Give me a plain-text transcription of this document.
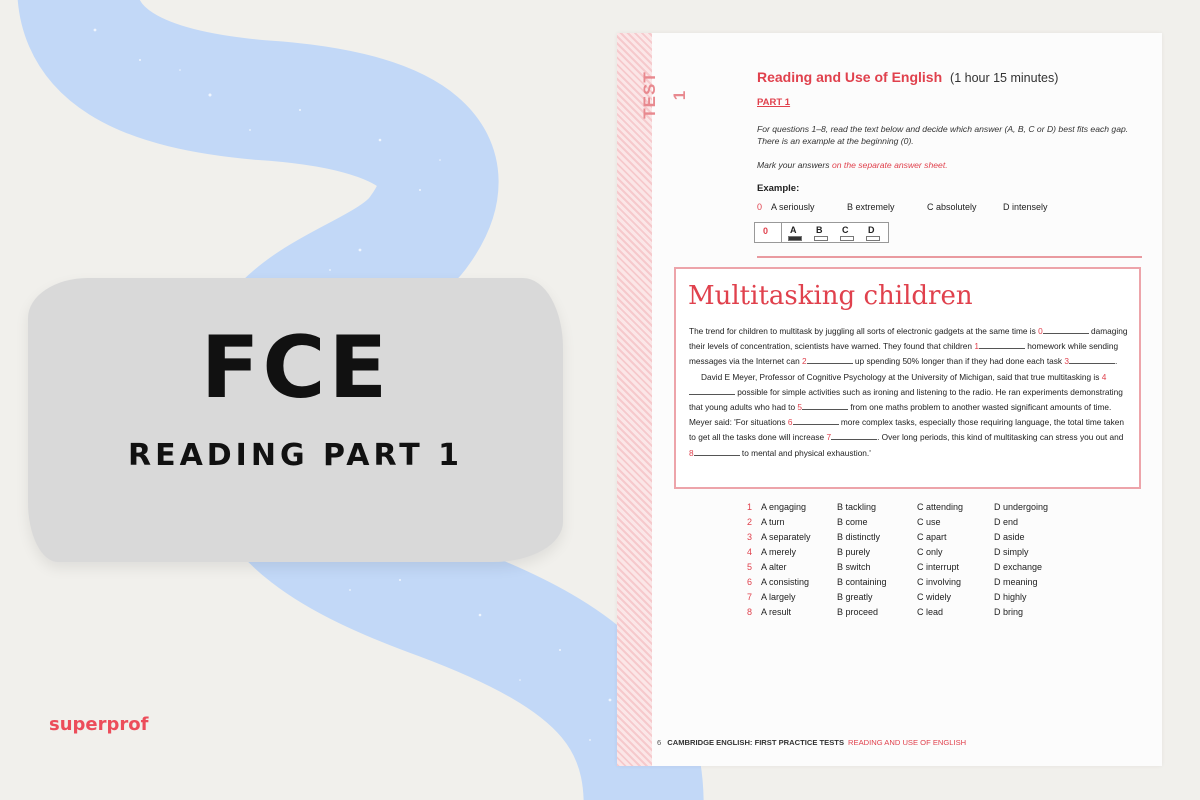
FCE
READING PART 1
superprof
TEST 1
Reading and Use of English (1 hour 15 minutes)
PART 1
For questions 1–8, read the text below and decide which answer (A, B, C or D) best fits each gap. There is an example at the beginning (0).
Mark your answers on the separate answer sheet.
Example:
0 A seriously	B extremely	C absolutely	D intensely
0 A B C D
Multitasking children
The trend for children to multitask by juggling all sorts of electronic gadgets at the same time is 0	damaging their levels of concentration, scientists have warned. They found that children 1	homework while sending messages via the Internet can 2	up spending 50% longer than if they had done each task 3	.
David E Meyer, Professor of Cognitive Psychology at the University of Michigan, said that true multitasking is 4 possible for simple activities such as ironing and listening to the radio. He ran experiments demonstrating that young adults who had to 5	from one maths problem to another wasted significant amounts of time. Meyer said: 'For situations 6	more complex tasks, especially those requiring language, the total time taken to get all the tasks done will increase 7	. Over long periods, this kind of multitasking can stress you out and 8	to mental and physical exhaustion.'
1 A engaging	B tackling	C attending	D undergoing
2 A turn	B come	C use	D end
3 A separately	B distinctly	C apart	D aside
4 A merely	B purely	C only	D simply
5 A alter	B switch	C interrupt	D exchange
6 A consisting	B containing	C involving	D meaning
7 A largely	B greatly	C widely	D highly
8 A result	B proceed	C lead	D bring
6 CAMBRIDGE ENGLISH: FIRST PRACTICE TESTS READING AND USE OF ENGLISH
